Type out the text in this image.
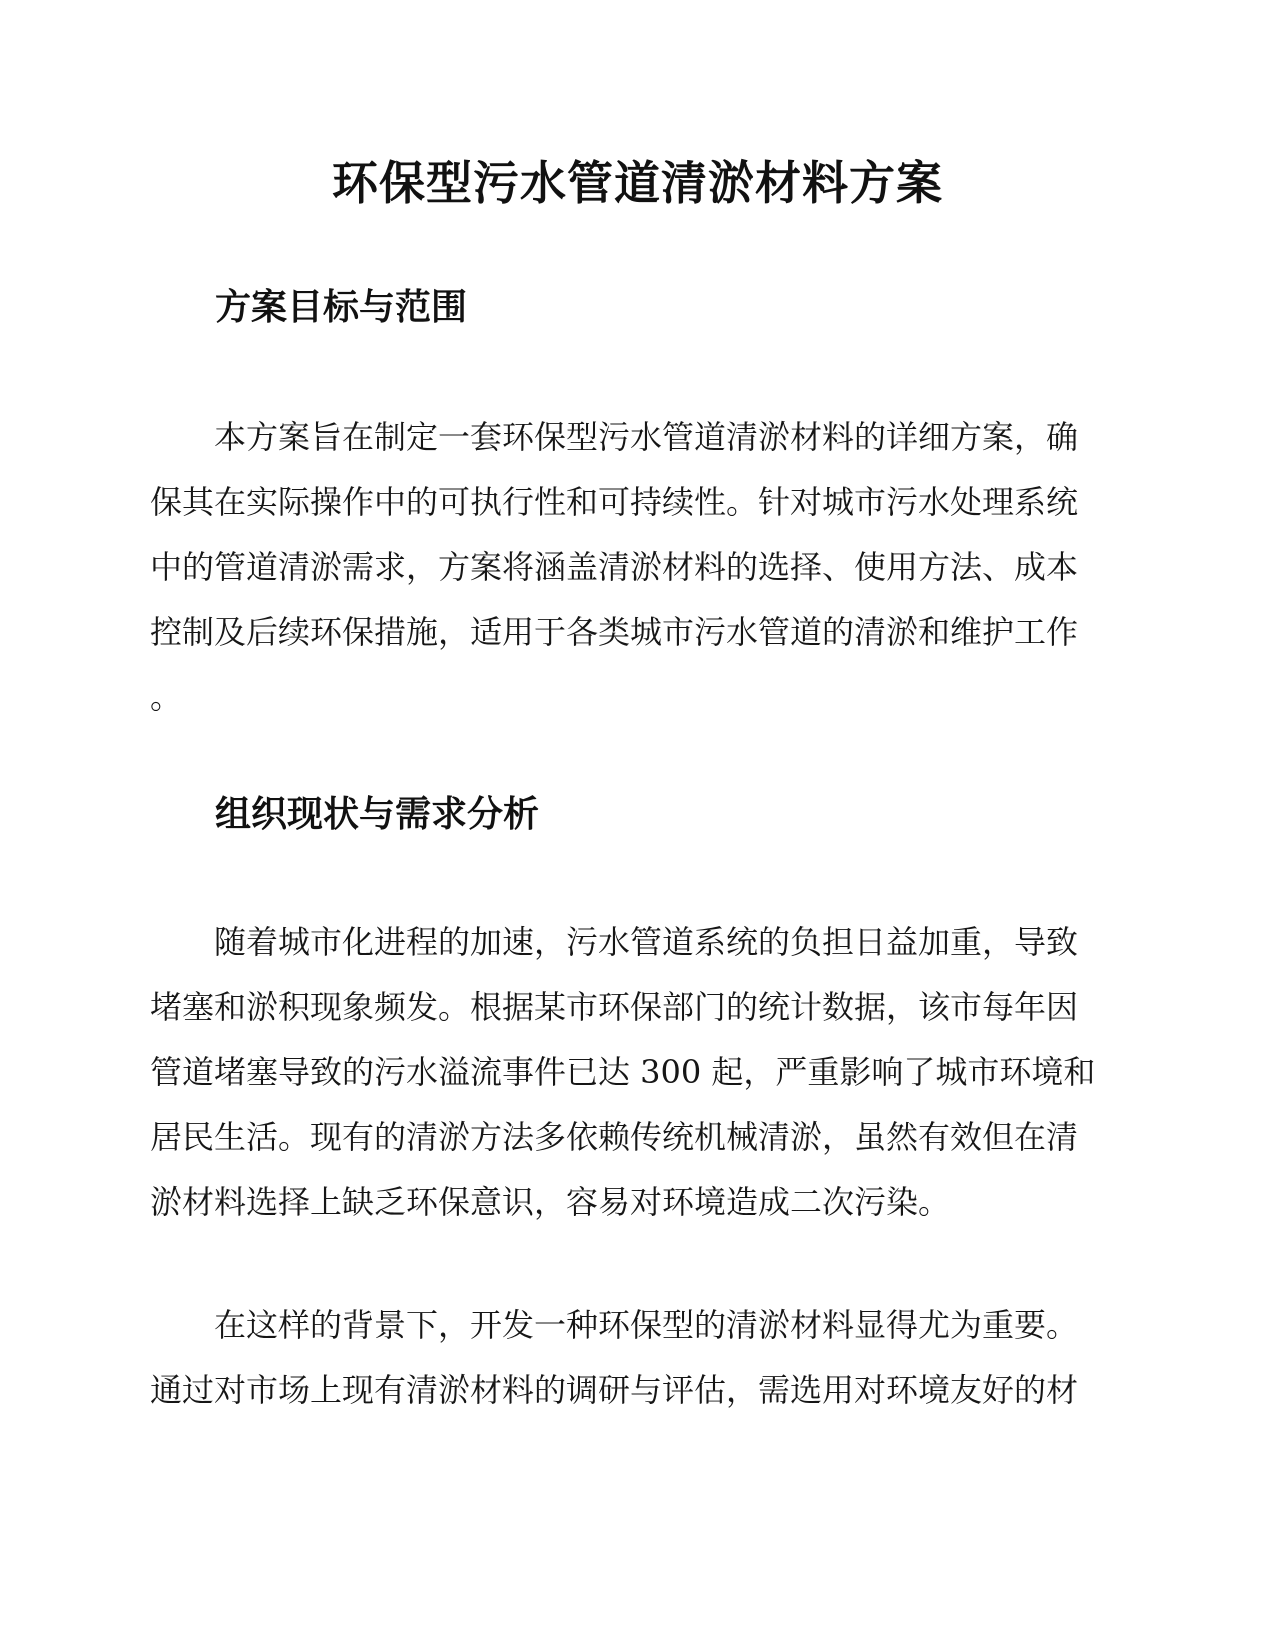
环保型污水管道清淤材料方案
方案目标与范围
本方案旨在制定一套环保型污水管道清淤材料的详细方案，确
保其在实际操作中的可执行性和可持续性。针对城市污水处理系统
中的管道清淤需求，方案将涵盖清淤材料的选择、使用方法、成本
控制及后续环保措施，适用于各类城市污水管道的清淤和维护工作
。
组织现状与需求分析
随着城市化进程的加速，污水管道系统的负担日益加重，导致
堵塞和淤积现象频发。根据某市环保部门的统计数据，该市每年因
管道堵塞导致的污水溢流事件已达 300 起，严重影响了城市环境和
居民生活。现有的清淤方法多依赖传统机械清淤，虽然有效但在清
淤材料选择上缺乏环保意识，容易对环境造成二次污染。
在这样的背景下，开发一种环保型的清淤材料显得尤为重要。
通过对市场上现有清淤材料的调研与评估，需选用对环境友好的材
